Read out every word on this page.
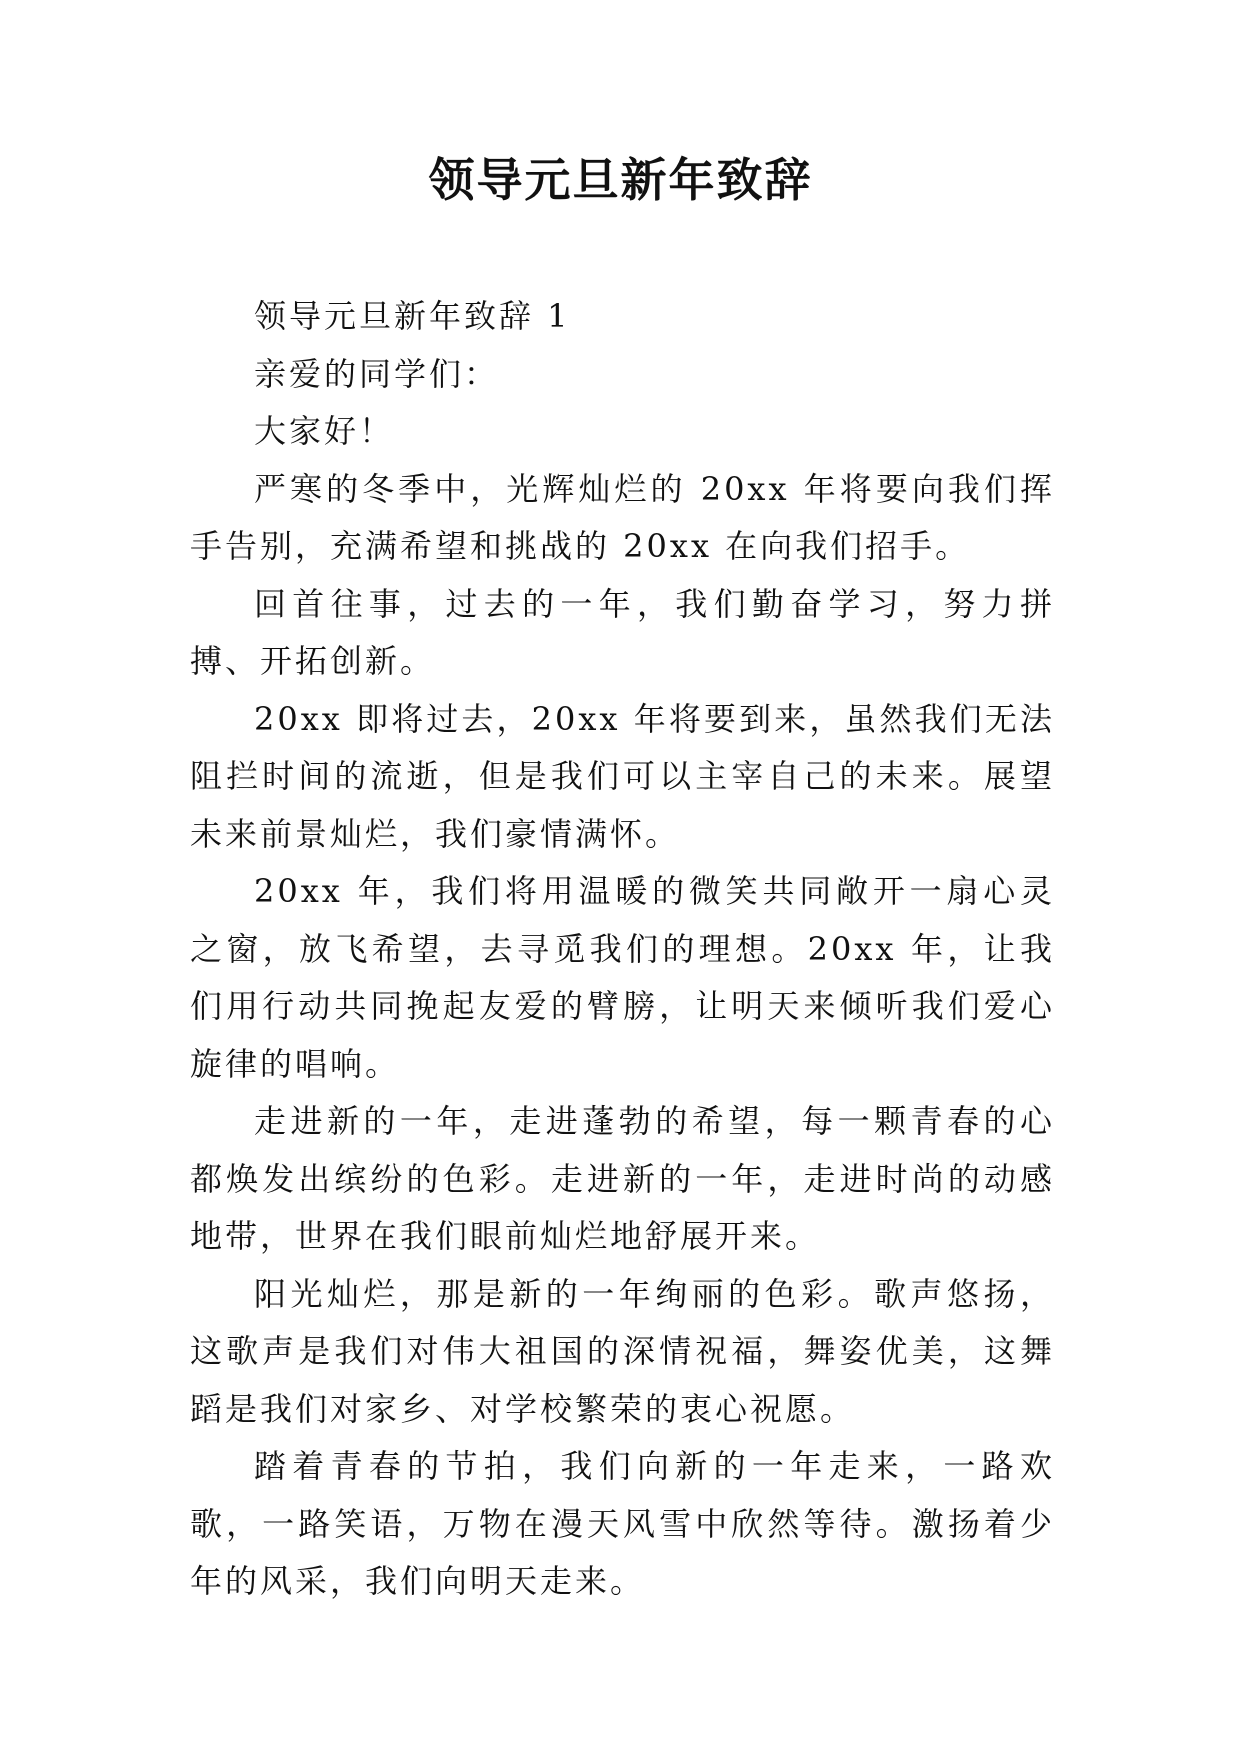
领导元旦新年致辞

领导元旦新年致辞 1

亲爱的同学们：

大家好！

严寒的冬季中，光辉灿烂的 20xx 年将要向我们挥手告别，充满希望和挑战的 20xx 在向我们招手。

回首往事，过去的一年，我们勤奋学习，努力拼搏、开拓创新。

20xx 即将过去，20xx 年将要到来，虽然我们无法阻拦时间的流逝，但是我们可以主宰自己的未来。展望未来前景灿烂，我们豪情满怀。

20xx 年，我们将用温暖的微笑共同敞开一扇心灵之窗，放飞希望，去寻觅我们的理想。20xx 年，让我们用行动共同挽起友爱的臂膀，让明天来倾听我们爱心旋律的唱响。

走进新的一年，走进蓬勃的希望，每一颗青春的心都焕发出缤纷的色彩。走进新的一年，走进时尚的动感地带，世界在我们眼前灿烂地舒展开来。

阳光灿烂，那是新的一年绚丽的色彩。歌声悠扬，这歌声是我们对伟大祖国的深情祝福，舞姿优美，这舞蹈是我们对家乡、对学校繁荣的衷心祝愿。

踏着青春的节拍，我们向新的一年走来，一路欢歌，一路笑语，万物在漫天风雪中欣然等待。激扬着少年的风采，我们向明天走来。
